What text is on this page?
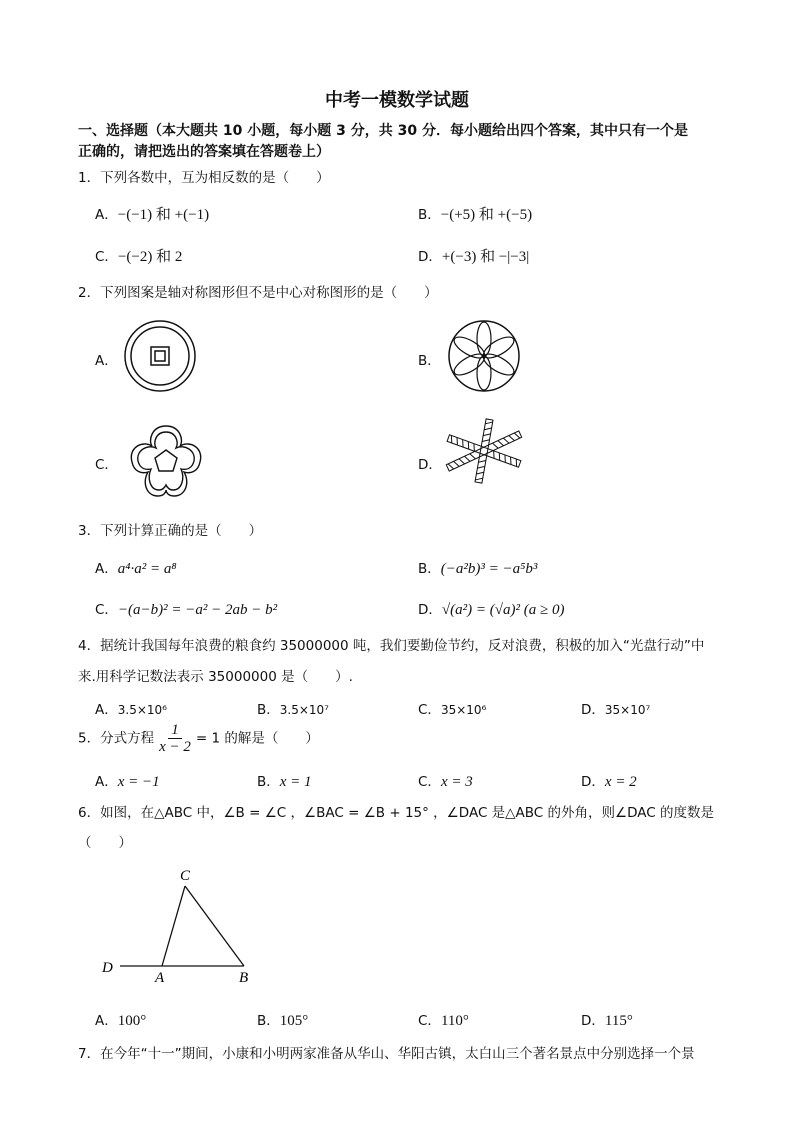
中考一模数学试题
一、选择题（本大题共 10 小题，每小题 3 分，共 30 分．每小题给出四个答案，其中只有一个是
正确的，请把选出的答案填在答题卷上）
1．下列各数中，互为相反数的是（　　）
A．−(−1) 和 +(−1)	B．−(+5) 和 +(−5)
C．−(−2) 和 2	D．+(−3) 和 −|−3|
2．下列图案是轴对称图形但不是中心对称图形的是（　　）
A．	B．
C．	D．
3．下列计算正确的是（　　）
A．a⁴·a² = a⁸	B．(−a²b)³ = −a⁵b³
C．−(a−b)² = −a² − 2ab − b²	D．√(a²) = (√a)² (a ≥ 0)
4．据统计我国每年浪费的粮食约 35000000 吨，我们要勤俭节约，反对浪费，积极的加入“光盘行动”中
来.用科学记数法表示 35000000 是（　　）.
A．3.5×10⁶	B．3.5×10⁷	C．35×10⁶	D．35×10⁷
5．分式方程 $\frac{1}{x - 2} = 1$ 的解是（　　）
A．x = −1	B．x = 1	C．x = 3	D．x = 2
6．如图，在△ABC 中，∠B = ∠C ，∠BAC = ∠B + 15° ，∠DAC 是△ABC 的外角，则∠DAC 的度数是
（　　）
C
D
A	B
A．100°	B．105°	C．110°	D．115°
7．在今年“十一”期间，小康和小明两家准备从华山、华阳古镇，太白山三个著名景点中分别选择一个景
